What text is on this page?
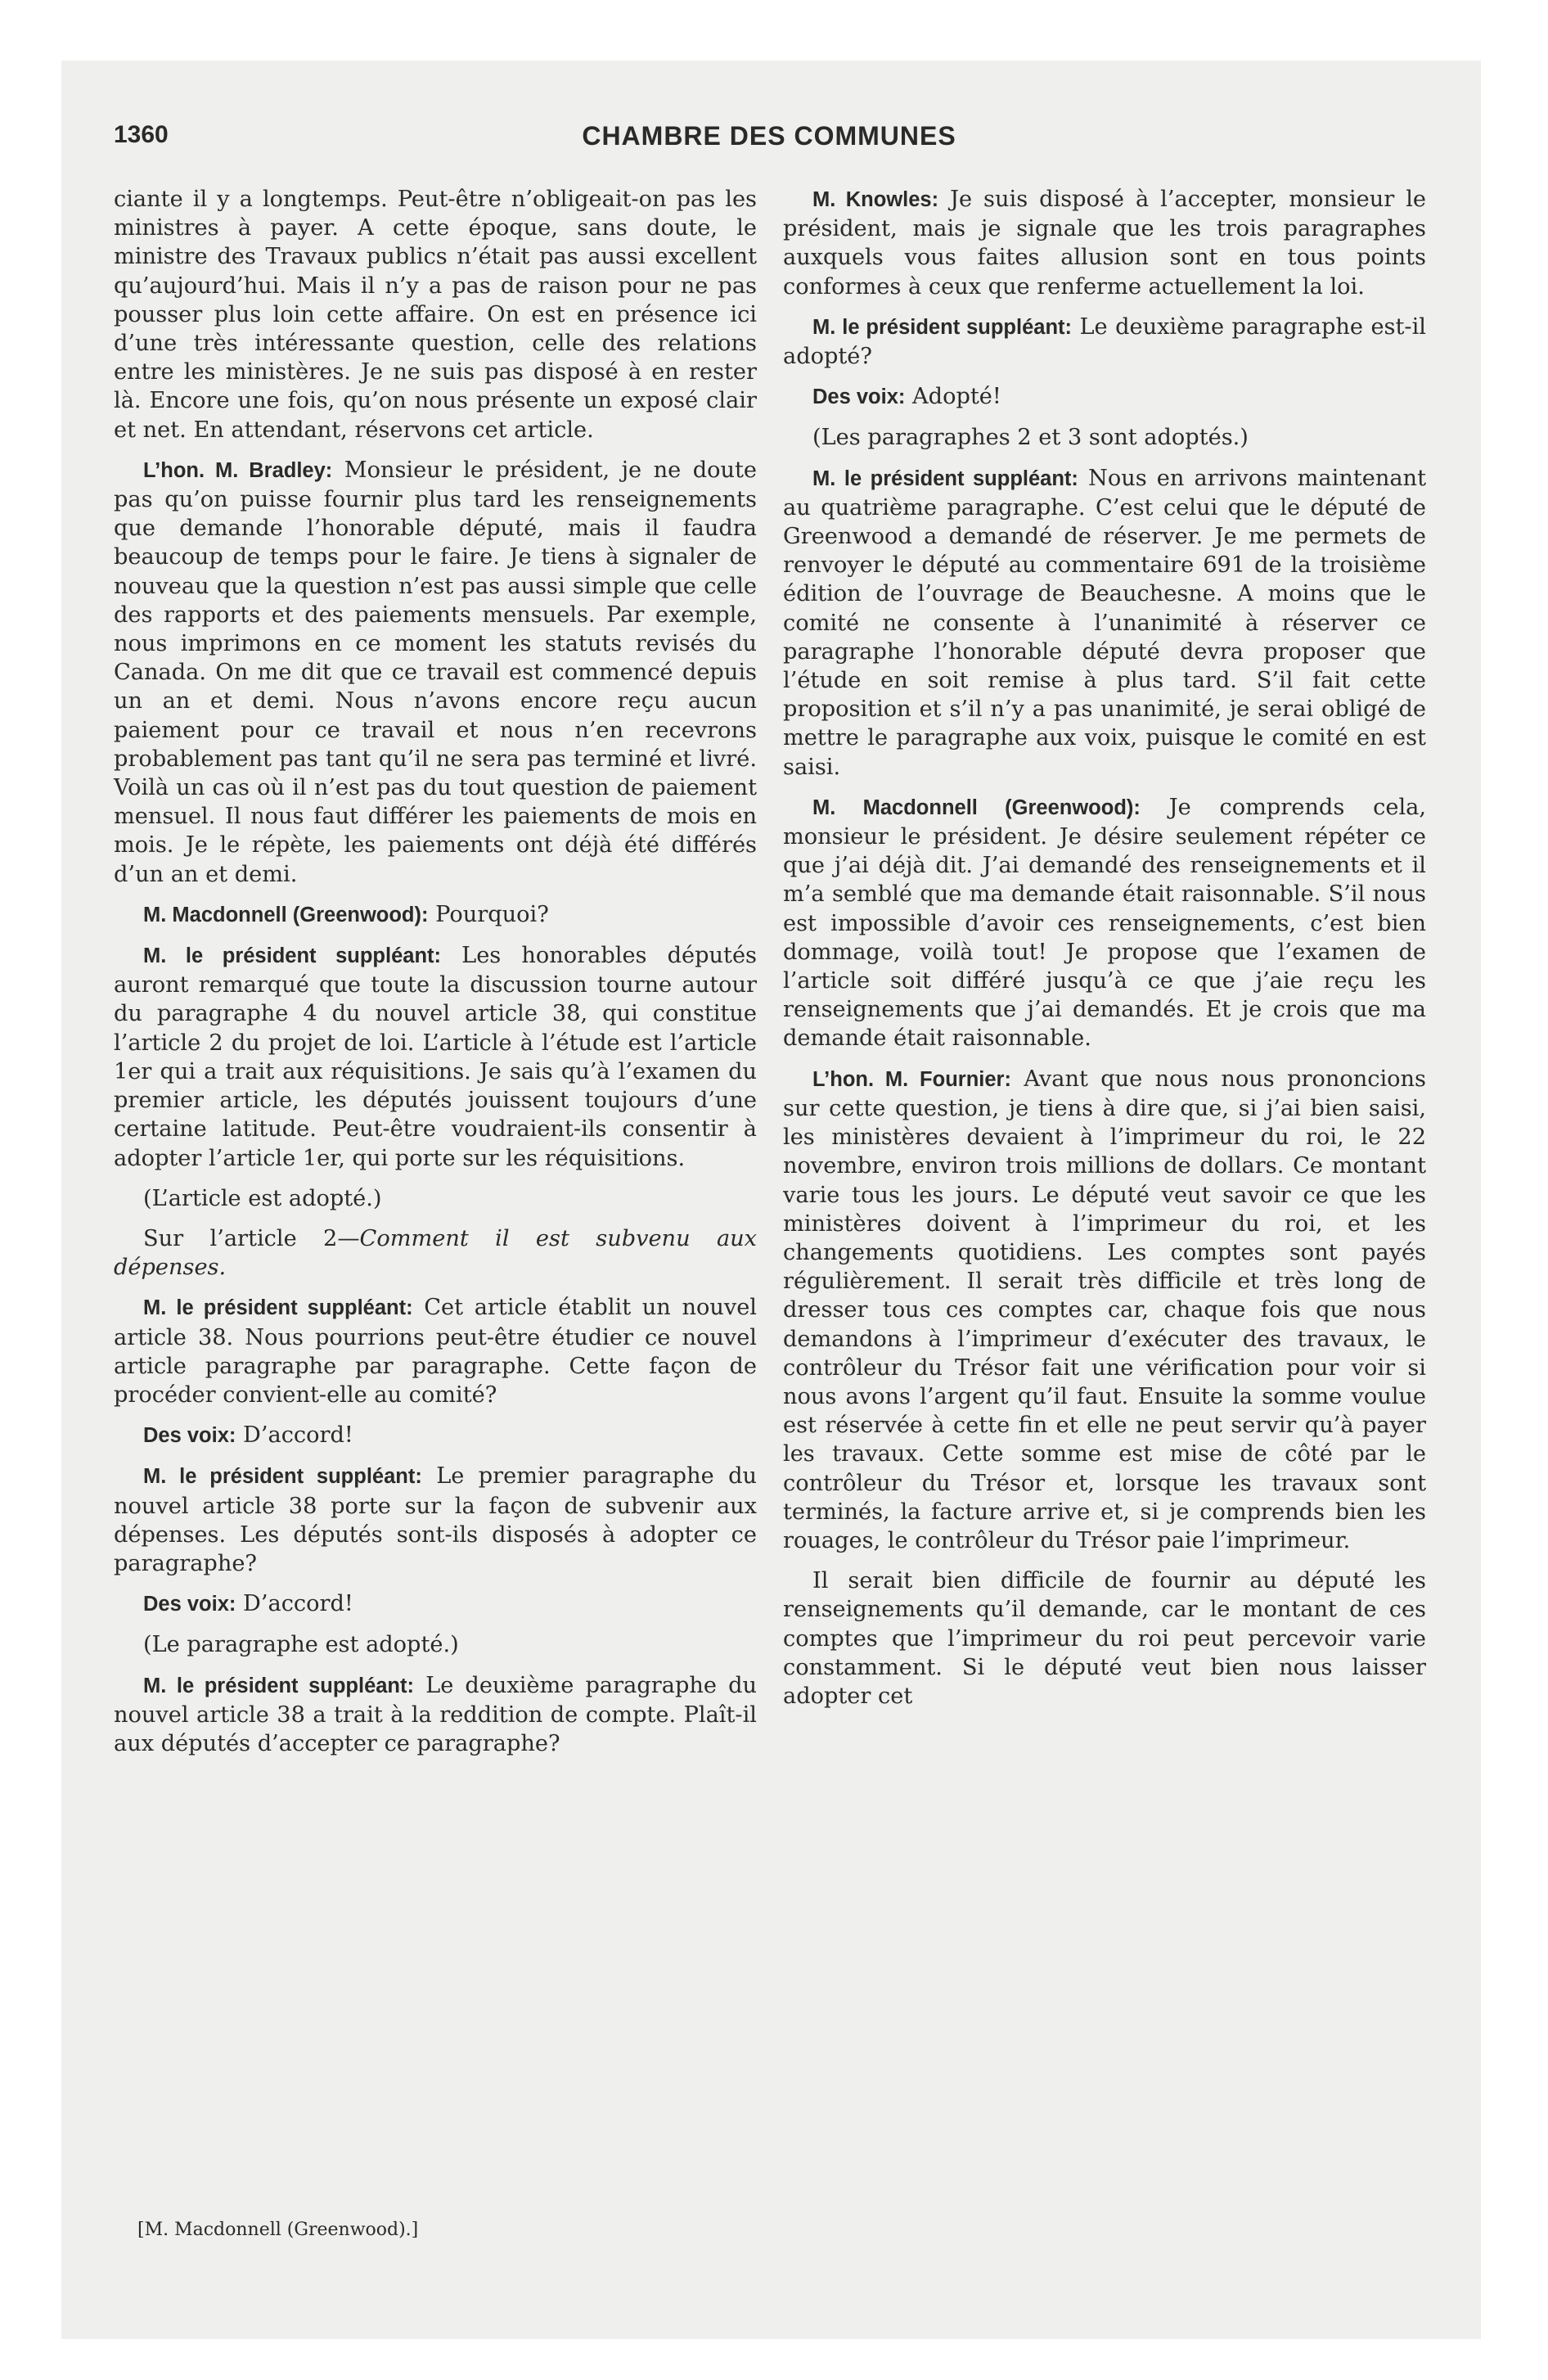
1360	CHAMBRE DES COMMUNES

ciante il y a longtemps. Peut-être n’obligeait-on pas les ministres à payer. A cette époque, sans doute, le ministre des Travaux publics n’était pas aussi excellent qu’aujourd’hui. Mais il n’y a pas de raison pour ne pas pousser plus loin cette affaire. On est en présence ici d’une très intéressante question, celle des relations entre les ministères. Je ne suis pas disposé à en rester là. Encore une fois, qu’on nous présente un exposé clair et net. En attendant, réservons cet article.

L’hon. M. Bradley: Monsieur le président, je ne doute pas qu’on puisse fournir plus tard les renseignements que demande l’honorable député, mais il faudra beaucoup de temps pour le faire. Je tiens à signaler de nouveau que la question n’est pas aussi simple que celle des rapports et des paiements mensuels. Par exemple, nous imprimons en ce moment les statuts revisés du Canada. On me dit que ce travail est commencé depuis un an et demi. Nous n’avons encore reçu aucun paiement pour ce travail et nous n’en recevrons probablement pas tant qu’il ne sera pas terminé et livré. Voilà un cas où il n’est pas du tout question de paiement mensuel. Il nous faut différer les paiements de mois en mois. Je le répète, les paiements ont déjà été différés d’un an et demi.

M. Macdonnell (Greenwood): Pourquoi?

M. le président suppléant: Les honorables députés auront remarqué que toute la discussion tourne autour du paragraphe 4 du nouvel article 38, qui constitue l’article 2 du projet de loi. L’article à l’étude est l’article 1er qui a trait aux réquisitions. Je sais qu’à l’examen du premier article, les députés jouissent toujours d’une certaine latitude. Peut-être voudraient-ils consentir à adopter l’article 1er, qui porte sur les réquisitions.

(L’article est adopté.)

Sur l’article 2—Comment il est subvenu aux dépenses.

M. le président suppléant: Cet article établit un nouvel article 38. Nous pourrions peut-être étudier ce nouvel article paragraphe par paragraphe. Cette façon de procéder convient-elle au comité?

Des voix: D’accord!

M. le président suppléant: Le premier paragraphe du nouvel article 38 porte sur la façon de subvenir aux dépenses. Les députés sont-ils disposés à adopter ce paragraphe?

Des voix: D’accord!

(Le paragraphe est adopté.)

M. le président suppléant: Le deuxième paragraphe du nouvel article 38 a trait à la reddition de compte. Plaît-il aux députés d’accepter ce paragraphe?

M. Knowles: Je suis disposé à l’accepter, monsieur le président, mais je signale que les trois paragraphes auxquels vous faites allusion sont en tous points conformes à ceux que renferme actuellement la loi.

M. le président suppléant: Le deuxième paragraphe est-il adopté?

Des voix: Adopté!

(Les paragraphes 2 et 3 sont adoptés.)

M. le président suppléant: Nous en arrivons maintenant au quatrième paragraphe. C’est celui que le député de Greenwood a demandé de réserver. Je me permets de renvoyer le député au commentaire 691 de la troisième édition de l’ouvrage de Beauchesne. A moins que le comité ne consente à l’unanimité à réserver ce paragraphe l’honorable député devra proposer que l’étude en soit remise à plus tard. S’il fait cette proposition et s’il n’y a pas unanimité, je serai obligé de mettre le paragraphe aux voix, puisque le comité en est saisi.

M. Macdonnell (Greenwood): Je comprends cela, monsieur le président. Je désire seulement répéter ce que j’ai déjà dit. J’ai demandé des renseignements et il m’a semblé que ma demande était raisonnable. S’il nous est impossible d’avoir ces renseignements, c’est bien dommage, voilà tout! Je propose que l’examen de l’article soit différé jusqu’à ce que j’aie reçu les renseignements que j’ai demandés. Et je crois que ma demande était raisonnable.

L’hon. M. Fournier: Avant que nous nous prononcions sur cette question, je tiens à dire que, si j’ai bien saisi, les ministères devaient à l’imprimeur du roi, le 22 novembre, environ trois millions de dollars. Ce montant varie tous les jours. Le député veut savoir ce que les ministères doivent à l’imprimeur du roi, et les changements quotidiens. Les comptes sont payés régulièrement. Il serait très difficile et très long de dresser tous ces comptes car, chaque fois que nous demandons à l’imprimeur d’exécuter des travaux, le contrôleur du Trésor fait une vérification pour voir si nous avons l’argent qu’il faut. Ensuite la somme voulue est réservée à cette fin et elle ne peut servir qu’à payer les travaux. Cette somme est mise de côté par le contrôleur du Trésor et, lorsque les travaux sont terminés, la facture arrive et, si je comprends bien les rouages, le contrôleur du Trésor paie l’imprimeur.

Il serait bien difficile de fournir au député les renseignements qu’il demande, car le montant de ces comptes que l’imprimeur du roi peut percevoir varie constamment. Si le député veut bien nous laisser adopter cet

[M. Macdonnell (Greenwood).]
